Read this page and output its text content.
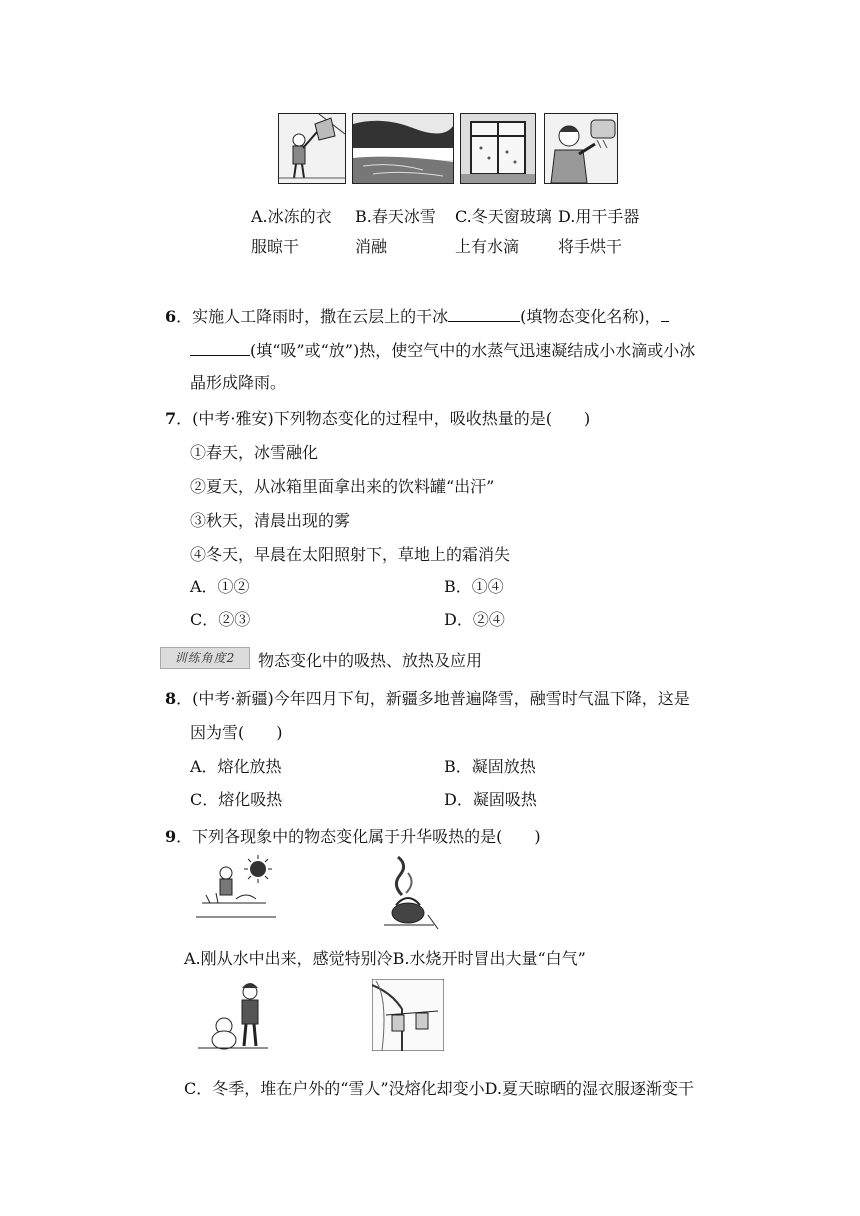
A.冰冻的衣 B.春天冰雪 C.冬天窗玻璃 D.用干手器
服晾干	消融	上有水滴 将手烘干
6．实施人工降雨时，撒在云层上的干冰	(填物态变化名称)，
(填“吸”或“放”)热，使空气中的水蒸气迅速凝结成小水滴或小冰
晶形成降雨。
7．(中考·雅安)下列物态变化的过程中，吸收热量的是(　　)
①春天，冰雪融化
②夏天，从冰箱里面拿出来的饮料罐“出汗”
③秋天，清晨出现的雾
④冬天，早晨在太阳照射下，草地上的霜消失
A．①②	B．①④
C．②③	D．②④
训练角度2	物态变化中的吸热、放热及应用
8．(中考·新疆)今年四月下旬，新疆多地普遍降雪，融雪时气温下降，这是
因为雪(　　)
A．熔化放热	B．凝固放热
C．熔化吸热	D．凝固吸热
9．下列各现象中的物态变化属于升华吸热的是(　　)
A.刚从水中出来，感觉特别冷B.水烧开时冒出大量“白气”
C．冬季，堆在户外的“雪人”没熔化却变小D.夏天晾晒的湿衣服逐渐变干
